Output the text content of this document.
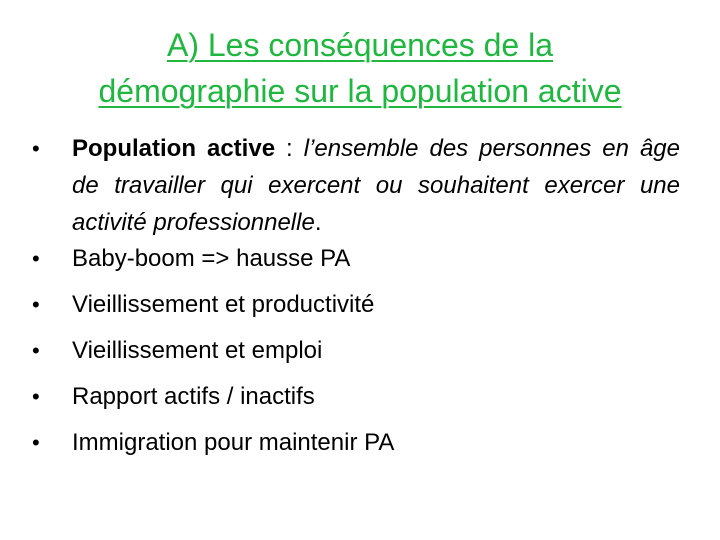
A) Les conséquences de la
démographie sur la population active
• Population active : l’ensemble des personnes en âge de travailler qui exercent ou souhaitent exercer une activité professionnelle.
• Baby-boom => hausse PA
• Vieillissement et productivité
• Vieillissement et emploi
• Rapport actifs / inactifs
• Immigration pour maintenir PA
